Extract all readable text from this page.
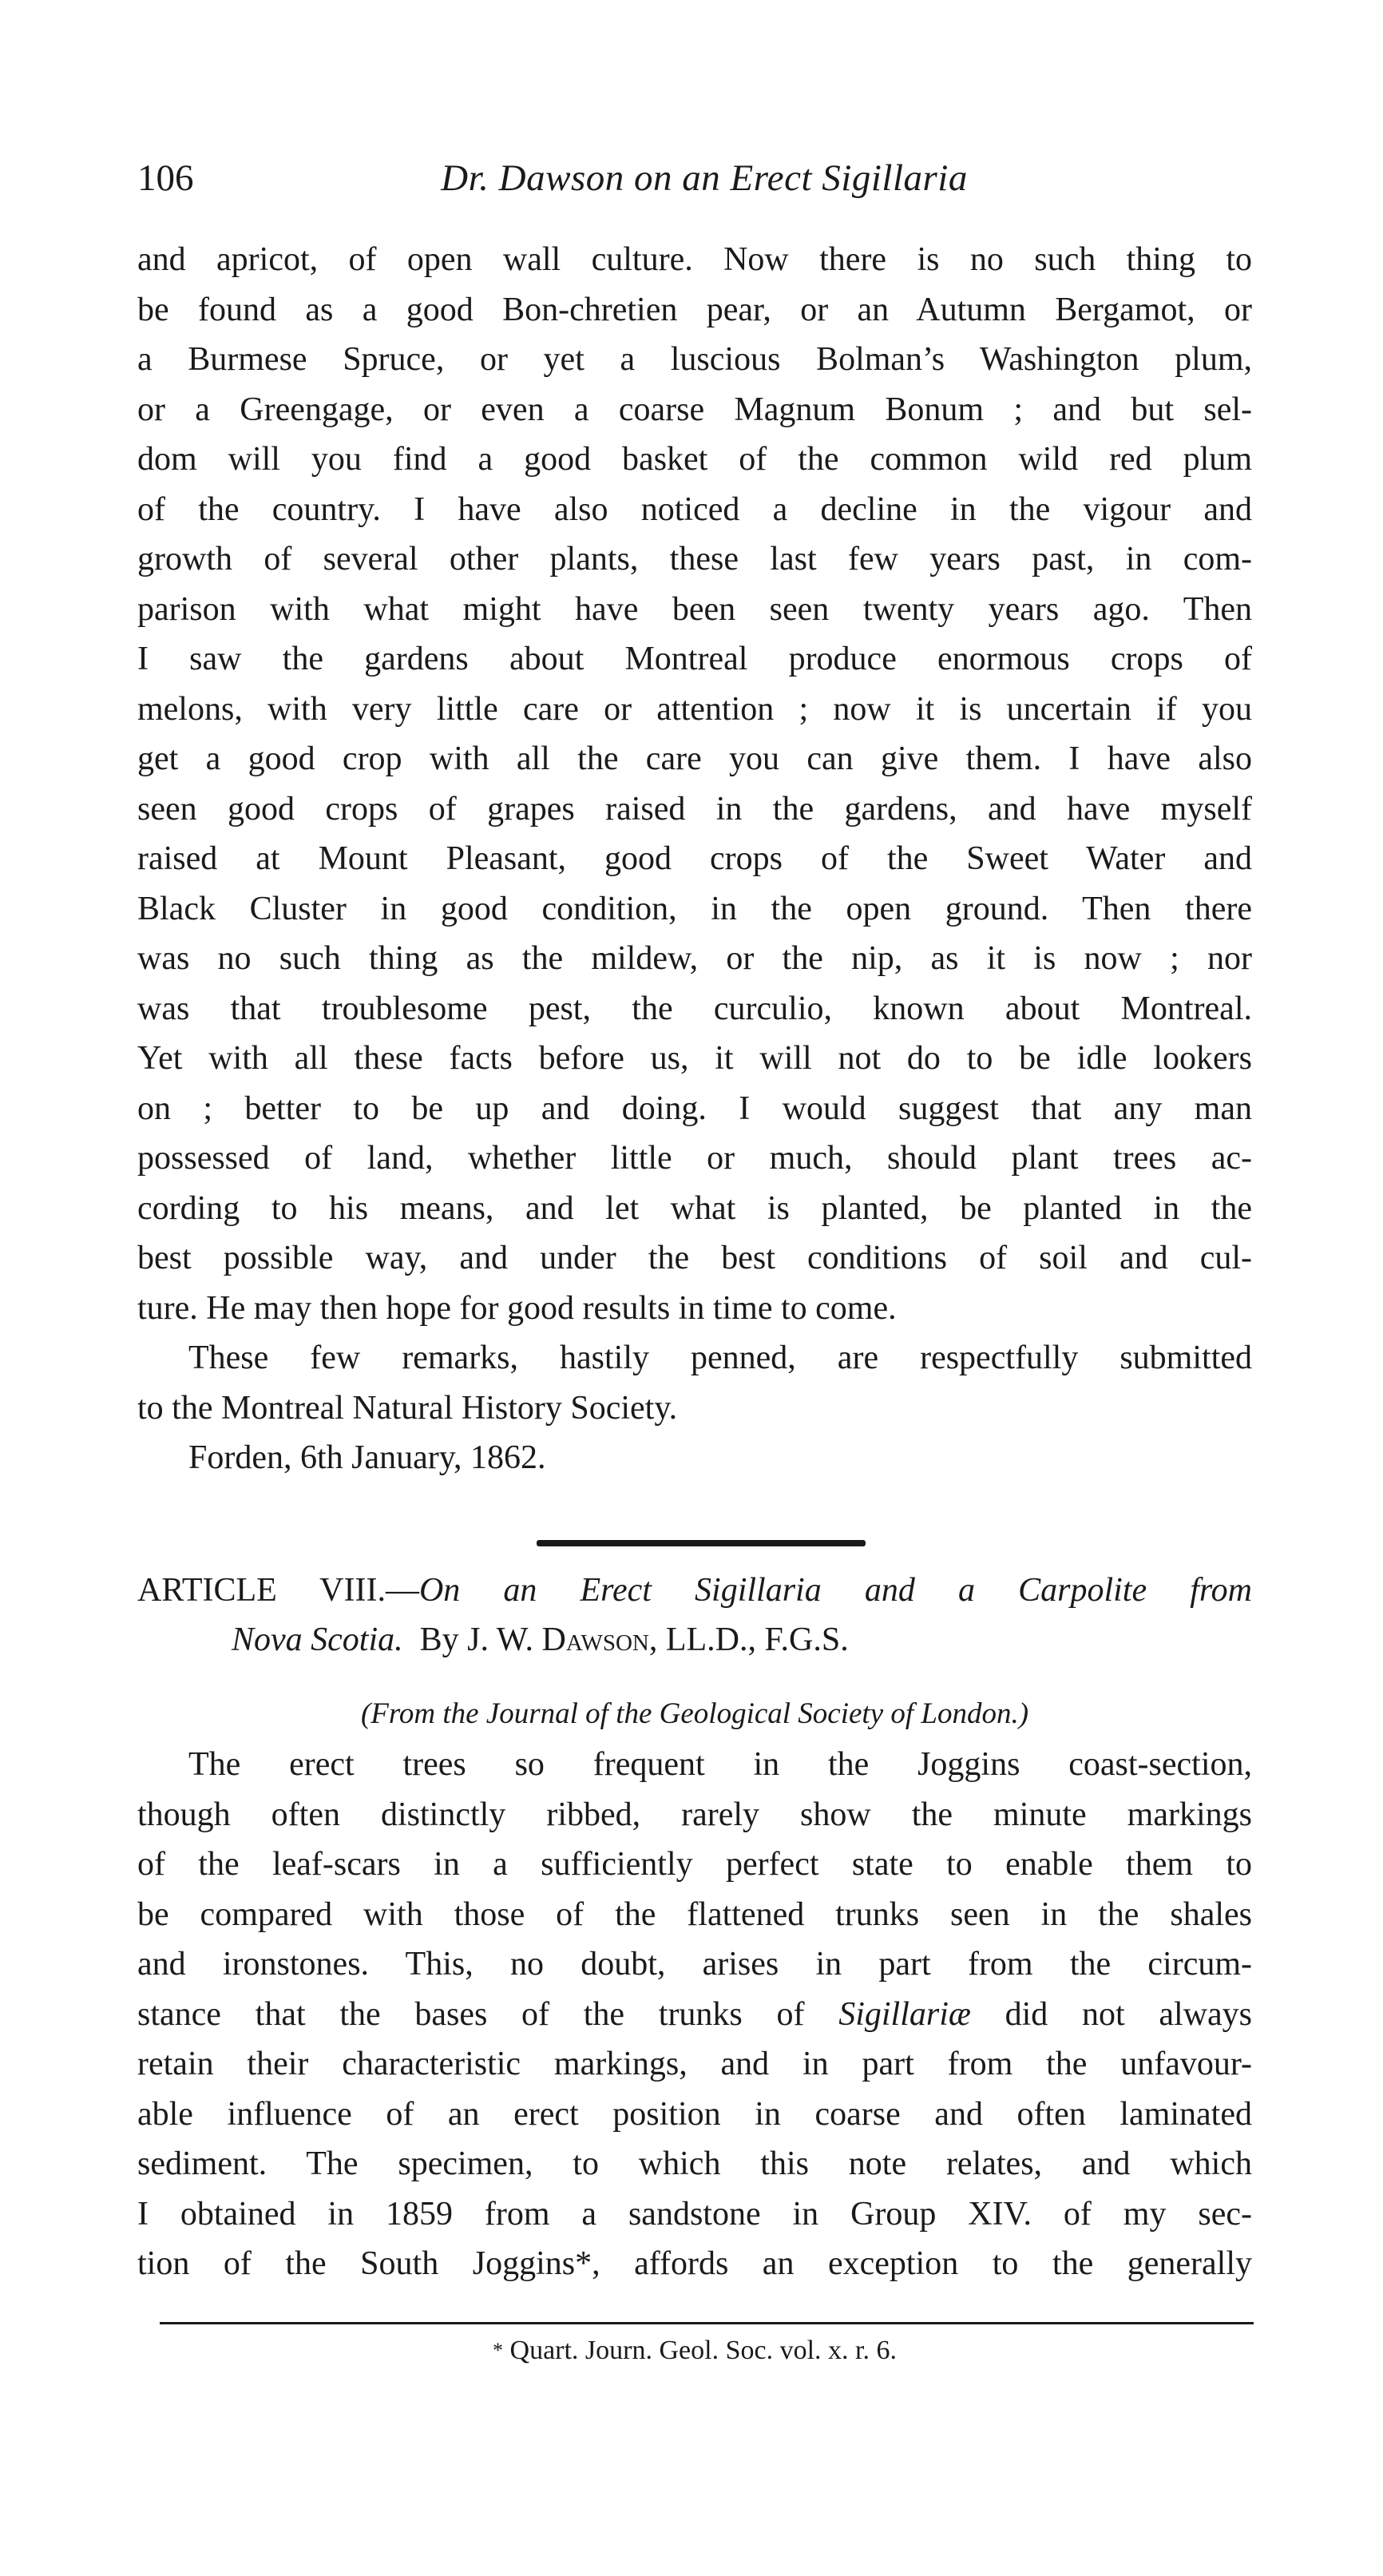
106	Dr. Dawson on an Erect Sigillaria

and apricot, of open wall culture. Now there is no such thing to
be found as a good Bon-chretien pear, or an Autumn Bergamot, or
a Burmese Spruce, or yet a luscious Bolman’s Washington plum,
or a Greengage, or even a coarse Magnum Bonum ; and but sel-
dom will you find a good basket of the common wild red plum
of the country. I have also noticed a decline in the vigour and
growth of several other plants, these last few years past, in com-
parison with what might have been seen twenty years ago. Then
I saw the gardens about Montreal produce enormous crops of
melons, with very little care or attention ; now it is uncertain if you
get a good crop with all the care you can give them. I have also
seen good crops of grapes raised in the gardens, and have myself
raised at Mount Pleasant, good crops of the Sweet Water and
Black Cluster in good condition, in the open ground. Then there
was no such thing as the mildew, or the nip, as it is now ; nor
was that troublesome pest, the curculio, known about Montreal.
Yet with all these facts before us, it will not do to be idle lookers
on ; better to be up and doing. I would suggest that any man
possessed of land, whether little or much, should plant trees ac-
cording to his means, and let what is planted, be planted in the
best possible way, and under the best conditions of soil and cul-
ture. He may then hope for good results in time to come.
These few remarks, hastily penned, are respectfully submitted
to the Montreal Natural History Society.
Forden, 6th January, 1862.

ARTICLE VIII.—On an Erect Sigillaria and a Carpolite from
Nova Scotia. By J. W. Dawson, LL.D., F.G.S.
(From the Journal of the Geological Society of London.)

The erect trees so frequent in the Joggins coast-section,
though often distinctly ribbed, rarely show the minute markings
of the leaf-scars in a sufficiently perfect state to enable them to
be compared with those of the flattened trunks seen in the shales
and ironstones. This, no doubt, arises in part from the circum-
stance that the bases of the trunks of Sigillariæ did not always
retain their characteristic markings, and in part from the unfavour-
able influence of an erect position in coarse and often laminated
sediment. The specimen, to which this note relates, and which
I obtained in 1859 from a sandstone in Group XIV. of my sec-
tion of the South Joggins*, affords an exception to the generally

* Quart. Journ. Geol. Soc. vol. x. r. 6.
